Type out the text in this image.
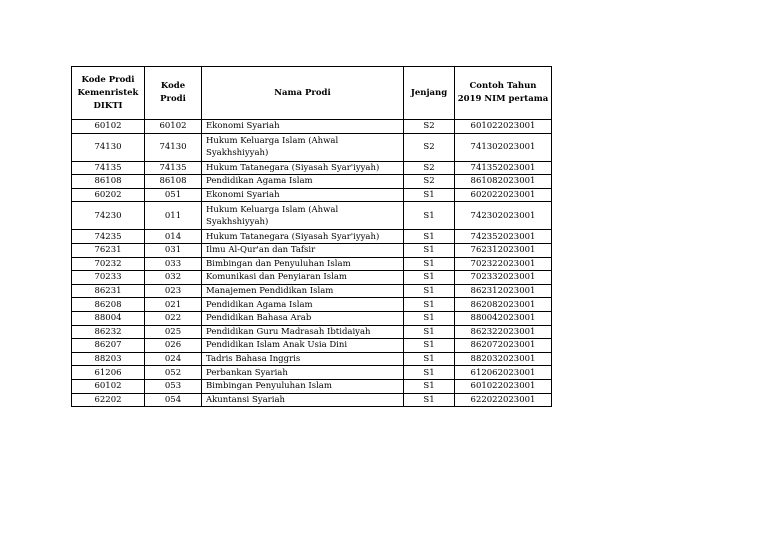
Kode Prodi Kemenristek DIKTI	Kode Prodi	Nama Prodi	Jenjang	Contoh Tahun 2019 NIM pertama
60102	60102	Ekonomi Syariah	S2	601022023001
74130	74130	Hukum Keluarga Islam (Ahwal Syakhshiyyah)	S2	741302023001
74135	74135	Hukum Tatanegara (Siyasah Syar'iyyah)	S2	741352023001
86108	86108	Pendidikan Agama Islam	S2	861082023001
60202	051	Ekonomi Syariah	S1	602022023001
74230	011	Hukum Keluarga Islam (Ahwal Syakhshiyyah)	S1	742302023001
74235	014	Hukum Tatanegara (Siyasah Syar'iyyah)	S1	742352023001
76231	031	Ilmu Al-Qur'an dan Tafsir	S1	762312023001
70232	033	Bimbingan dan Penyuluhan Islam	S1	702322023001
70233	032	Komunikasi dan Penyiaran Islam	S1	702332023001
86231	023	Manajemen Pendidikan Islam	S1	862312023001
86208	021	Pendidikan Agama Islam	S1	862082023001
88004	022	Pendidikan Bahasa Arab	S1	880042023001
86232	025	Pendidikan Guru Madrasah Ibtidaiyah	S1	862322023001
86207	026	Pendidikan Islam Anak Usia Dini	S1	862072023001
88203	024	Tadris Bahasa Inggris	S1	882032023001
61206	052	Perbankan Syariah	S1	612062023001
60102	053	Bimbingan Penyuluhan Islam	S1	601022023001
62202	054	Akuntansi Syariah	S1	622022023001
